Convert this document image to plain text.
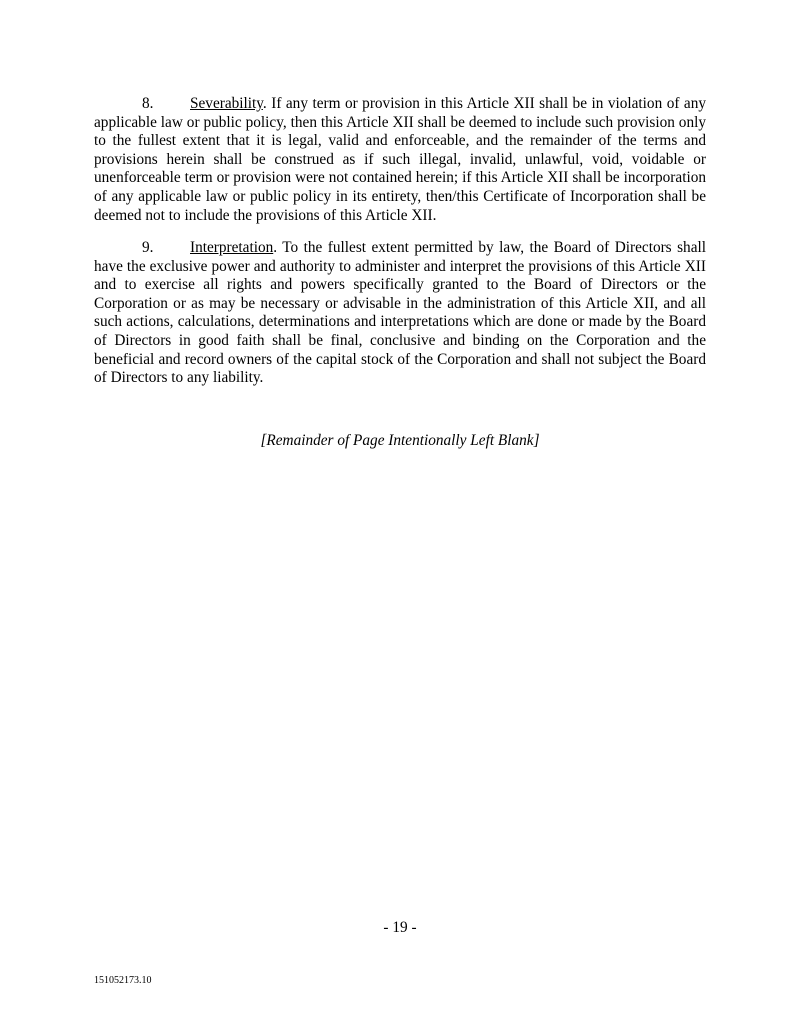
8. Severability. If any term or provision in this Article XII shall be in violation of any applicable law or public policy, then this Article XII shall be deemed to include such provision only to the fullest extent that it is legal, valid and enforceable, and the remainder of the terms and provisions herein shall be construed as if such illegal, invalid, unlawful, void, voidable or unenforceable term or provision were not contained herein; if this Article XII shall be incorporation of any applicable law or public policy in its entirety, then/this Certificate of Incorporation shall be deemed not to include the provisions of this Article XII.

9. Interpretation. To the fullest extent permitted by law, the Board of Directors shall have the exclusive power and authority to administer and interpret the provisions of this Article XII and to exercise all rights and powers specifically granted to the Board of Directors or the Corporation or as may be necessary or advisable in the administration of this Article XII, and all such actions, calculations, determinations and interpretations which are done or made by the Board of Directors in good faith shall be final, conclusive and binding on the Corporation and the beneficial and record owners of the capital stock of the Corporation and shall not subject the Board of Directors to any liability.

[Remainder of Page Intentionally Left Blank]

- 19 -
151052173.10
